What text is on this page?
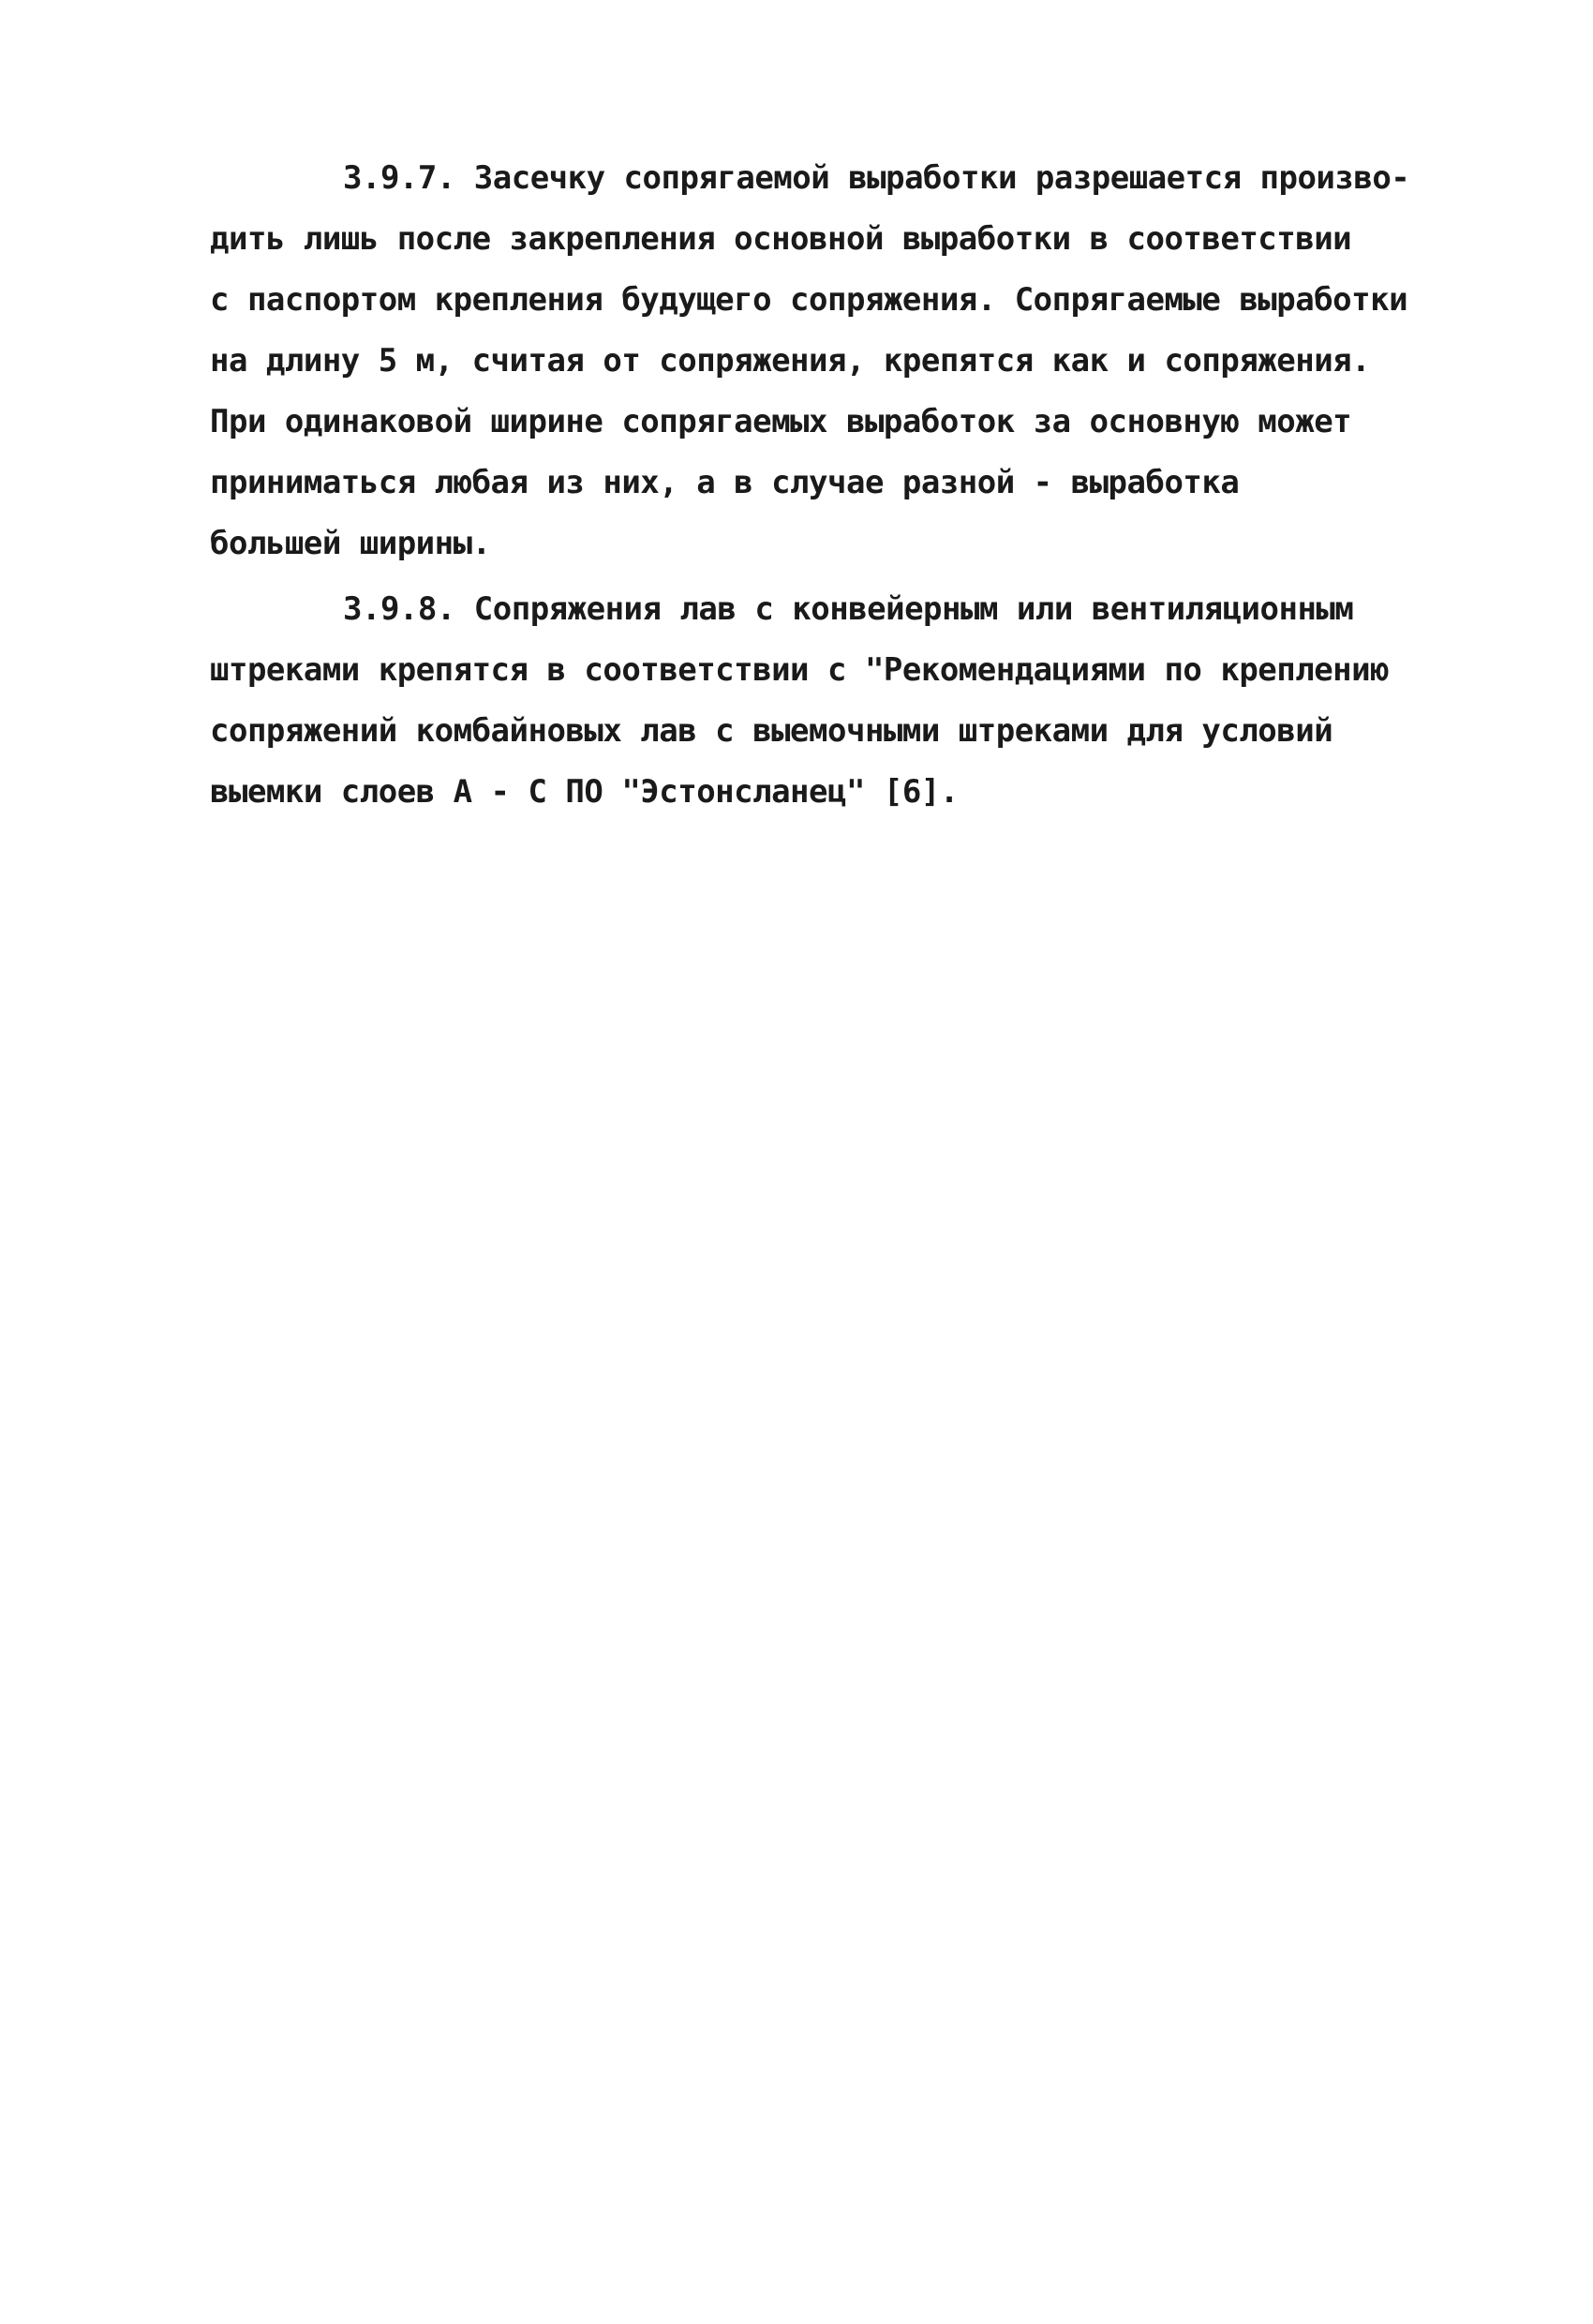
3.9.7. Засечку сопрягаемой выработки разрешается произво-
дить лишь после закрепления основной выработки в соответствии
с паспортом крепления будущего сопряжения. Сопрягаемые выработки
на длину 5 м, считая от сопряжения, крепятся как и сопряжения.
При одинаковой ширине сопрягаемых выработок за основную может
приниматься любая из них, а в случае разной - выработка
большей ширины.
3.9.8. Сопряжения лав с конвейерным или вентиляционным
штреками крепятся в соответствии с "Рекомендациями по креплению
сопряжений комбайновых лав с выемочными штреками для условий
выемки слоев А - С ПО "Эстонсланец" [6].
